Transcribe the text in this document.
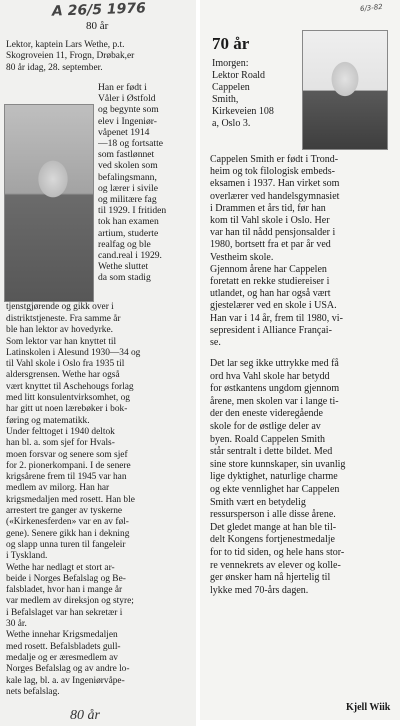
A 26/5 1976
80 år
Lektor, kaptein Lars Wethe, p.t.
Skogroveien 11, Frogn, Drøbak,er
80 år idag, 28. september.
Han er født i
Våler i Østfold
og begynte som
elev i Ingeniør-
våpenet 1914
—18 og fortsatte
som fastlønnet
ved skolen som
befalingsmann,
og lærer i sivile
og militære fag
til 1929. I fritiden
tok han examen
artium, studerte
realfag og ble
cand.real i 1929.
Wethe sluttet
da som stadig
tjenstgjørende og gikk over i
distriktstjeneste. Fra samme år
ble han lektor av hovedyrke.
Som lektor var han knyttet til
Latinskolen i Ålesund 1930—34 og
til Vahl skole i Oslo fra 1935 til
aldersgrensen. Wethe har også
vært knyttet til Aschehougs forlag
med litt konsulentvirksomhet, og
har gitt ut noen lærebøker i bok-
føring og matematikk.
Under felttoget i 1940 deltok
han bl. a. som sjef for Hvals-
moen forsvar og senere som sjef
for 2. pionerkompani. I de senere
krigsårene frem til 1945 var han
medlem av milorg. Han har
krigsmedaljen med rosett. Han ble
arrestert tre ganger av tyskerne
(«Kirkenesferden» var en av føl-
gene). Senere gikk han i dekning
og slapp unna turen til fangeleir
i Tyskland.
Wethe har nedlagt et stort ar-
beide i Norges Befalslag og Be-
falsbladet, hvor han i mange år
var medlem av direksjon og styre;
i Befalslaget var han sekretær i
30 år.
Wethe innehar Krigsmedaljen
med rosett. Befalsbladets gull-
medalje og er æresmedlem av
Norges Befalslag og av andre lo-
kale lag, bl. a. av Ingeniørvåpe-
nets befalslag.
80 år
6/3-82
70 år
Imorgen:
Lektor Roald
Cappelen
Smith,
Kirkeveien 108
a, Oslo 3.
Cappelen Smith er født i Trond-
heim og tok filologisk embeds-
eksamen i 1937. Han virket som
overlærer ved handelsgymnasiet
i Drammen et års tid, før han
kom til Vahl skole i Oslo. Her
var han til nådd pensjonsalder i
1980, bortsett fra et par år ved
Vestheim skole.
Gjennom årene har Cappelen
foretatt en rekke studiereiser i
utlandet, og han har også vært
gjestelærer ved en skole i USA.
Han var i 14 år, frem til 1980, vi-
sepresident i Alliance Françai-
se.
Det lar seg ikke uttrykke med få
ord hva Vahl skole har betydd
for østkantens ungdom gjennom
årene, men skolen var i lange ti-
der den eneste videregående
skole for de østlige deler av
byen. Roald Cappelen Smith
står sentralt i dette bildet. Med
sine store kunnskaper, sin uvanlig
lige dyktighet, naturlige charme
og ekte vennlighet har Cappelen
Smith vært en betydelig
ressursperson i alle disse årene.
Det gledet mange at han ble til-
delt Kongens fortjenestmedalje
for to tid siden, og hele hans stor-
re vennekrets av elever og kolle-
ger ønsker ham nå hjertelig til
lykke med 70-års dagen.
Kjell Wiik
